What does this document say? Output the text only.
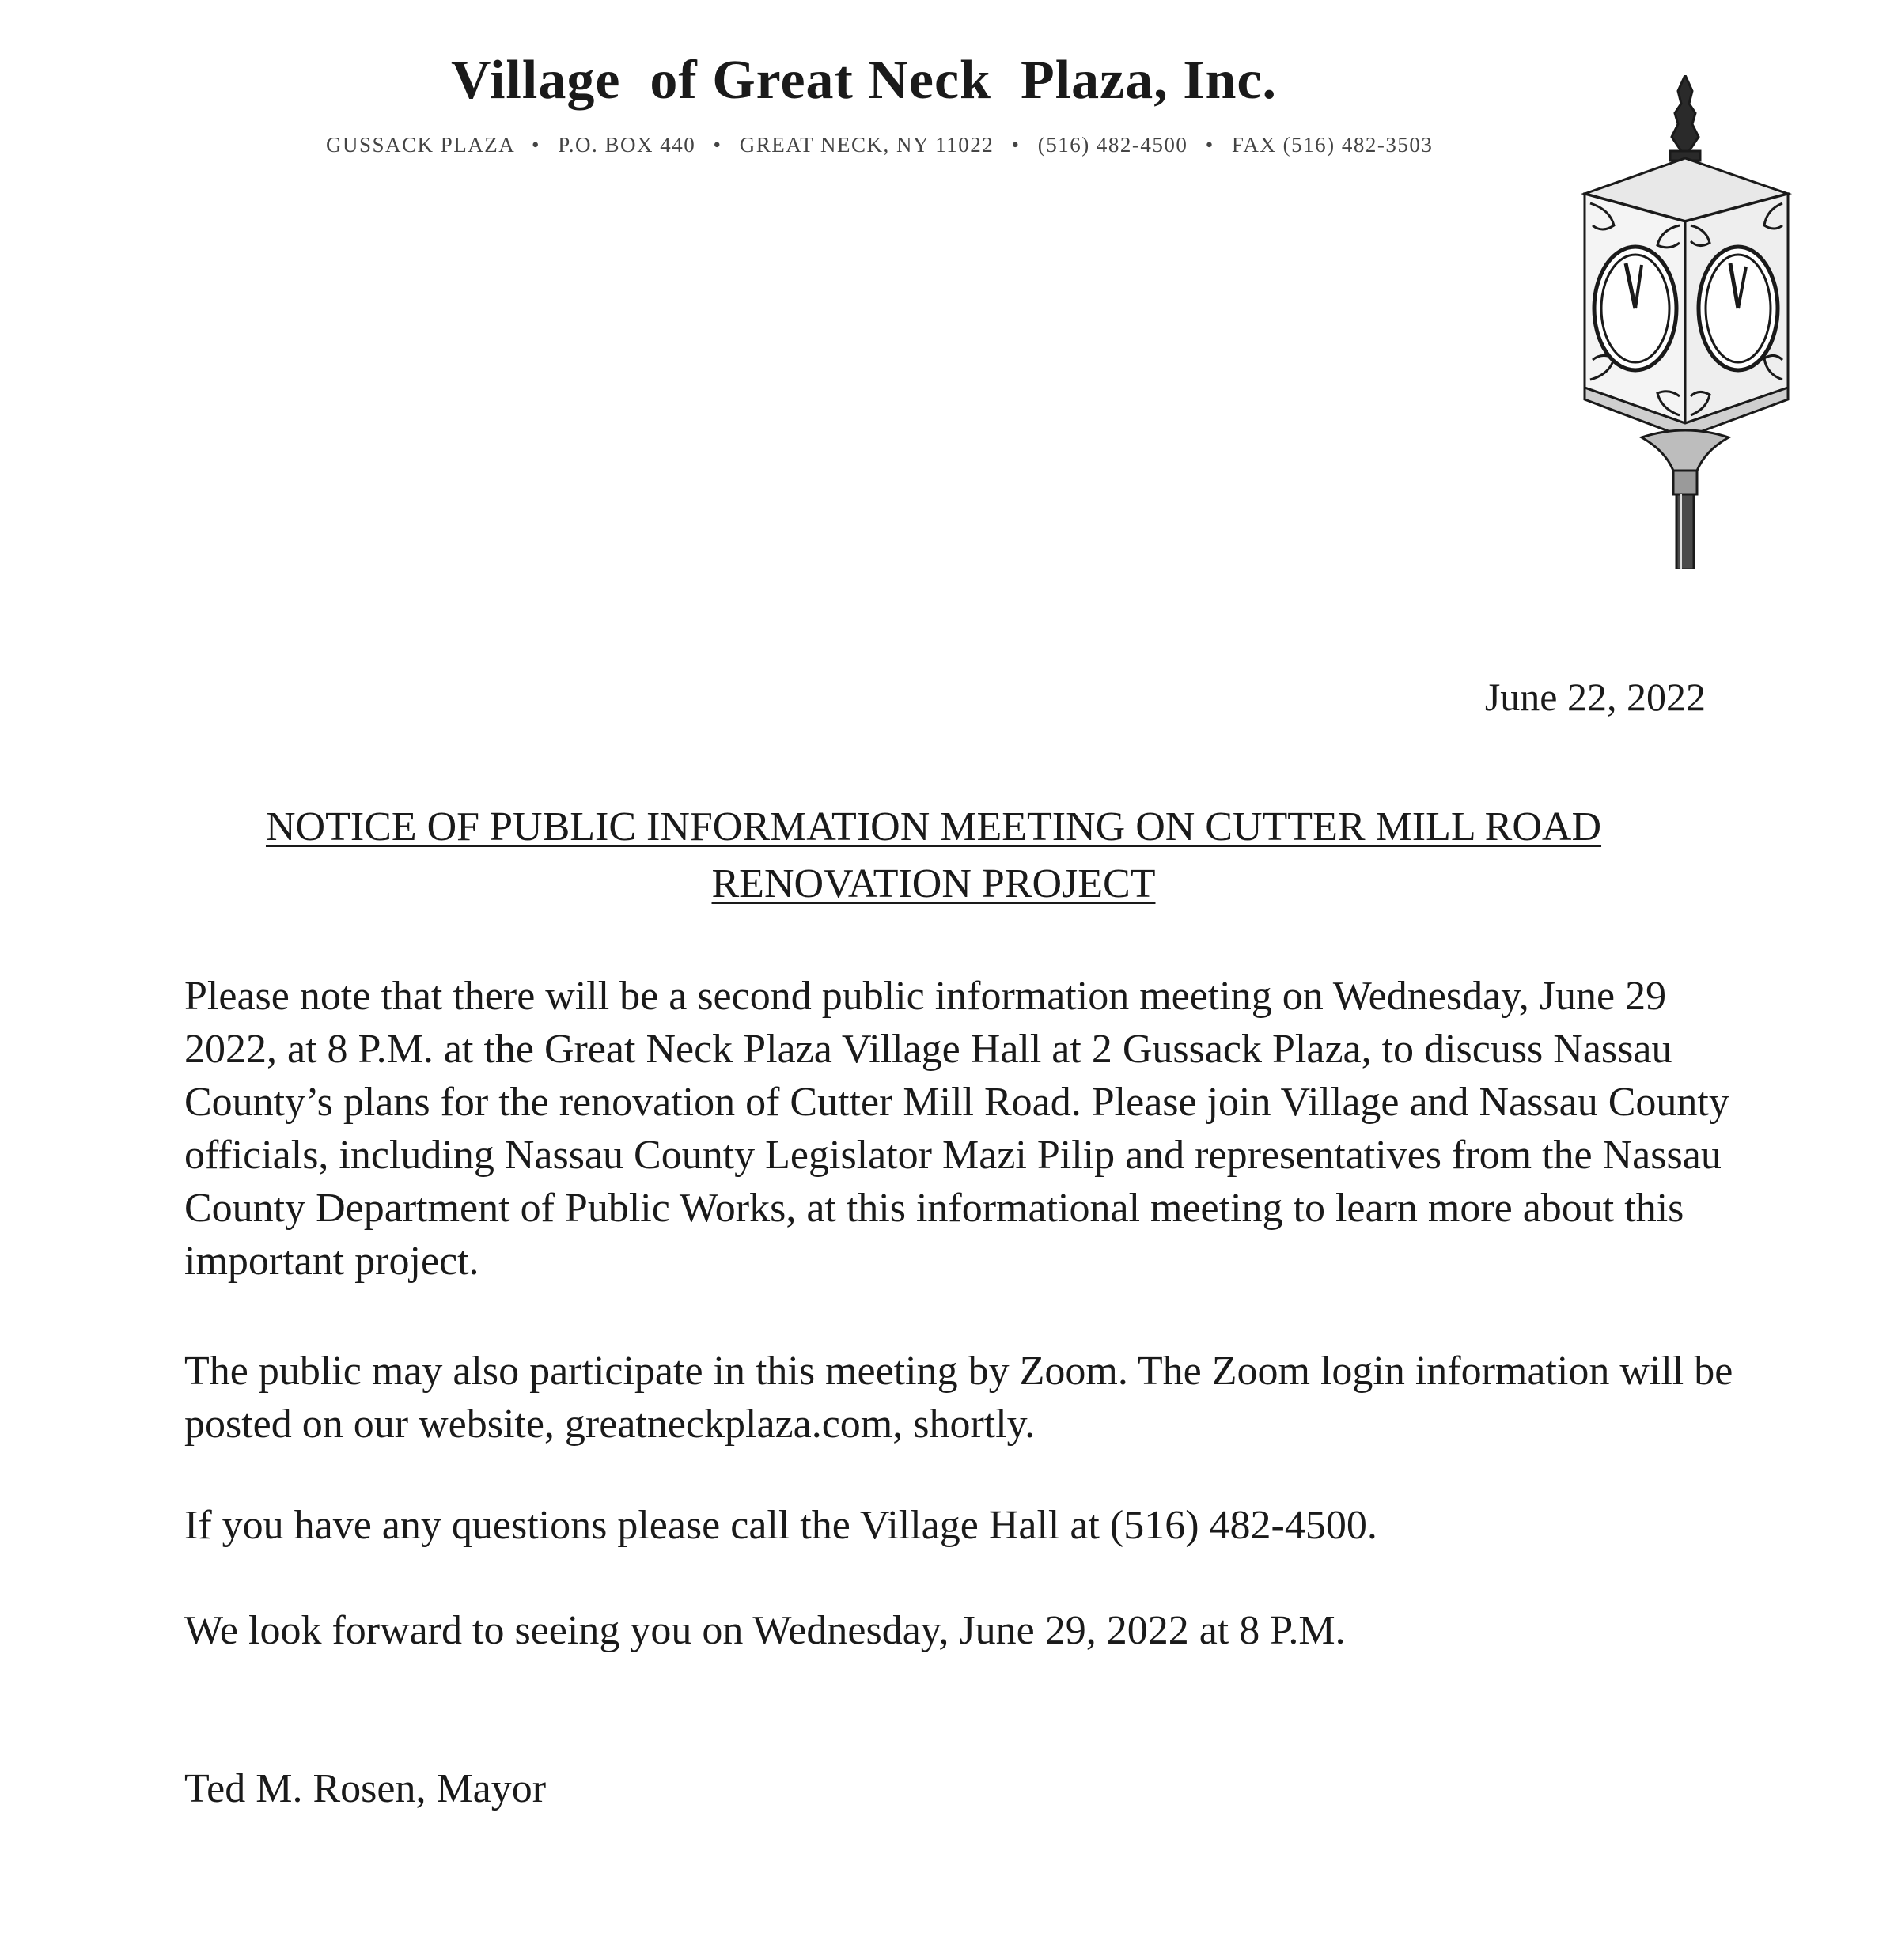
Village  of Great Neck  Plaza, Inc.
GUSSACK PLAZA • P.O. BOX 440 • GREAT NECK, NY 11022 • (516) 482-4500 • FAX (516) 482-3503
June 22, 2022
NOTICE OF PUBLIC INFORMATION MEETING ON CUTTER MILL ROAD
RENOVATION PROJECT
Please note that there will be a second public information meeting on Wednesday, June 29 2022, at 8 P.M. at the Great Neck Plaza Village Hall at 2 Gussack Plaza, to discuss Nassau County’s plans for the renovation of Cutter Mill Road. Please join Village and Nassau County officials, including Nassau County Legislator Mazi Pilip and representatives from the Nassau County Department of Public Works, at this informational meeting to learn more about this important project.
The public may also participate in this meeting by Zoom. The Zoom login information will be posted on our website, greatneckplaza.com, shortly.
If you have any questions please call the Village Hall at (516) 482-4500.
We look forward to seeing you on Wednesday, June 29, 2022 at 8 P.M.
Ted M. Rosen, Mayor
